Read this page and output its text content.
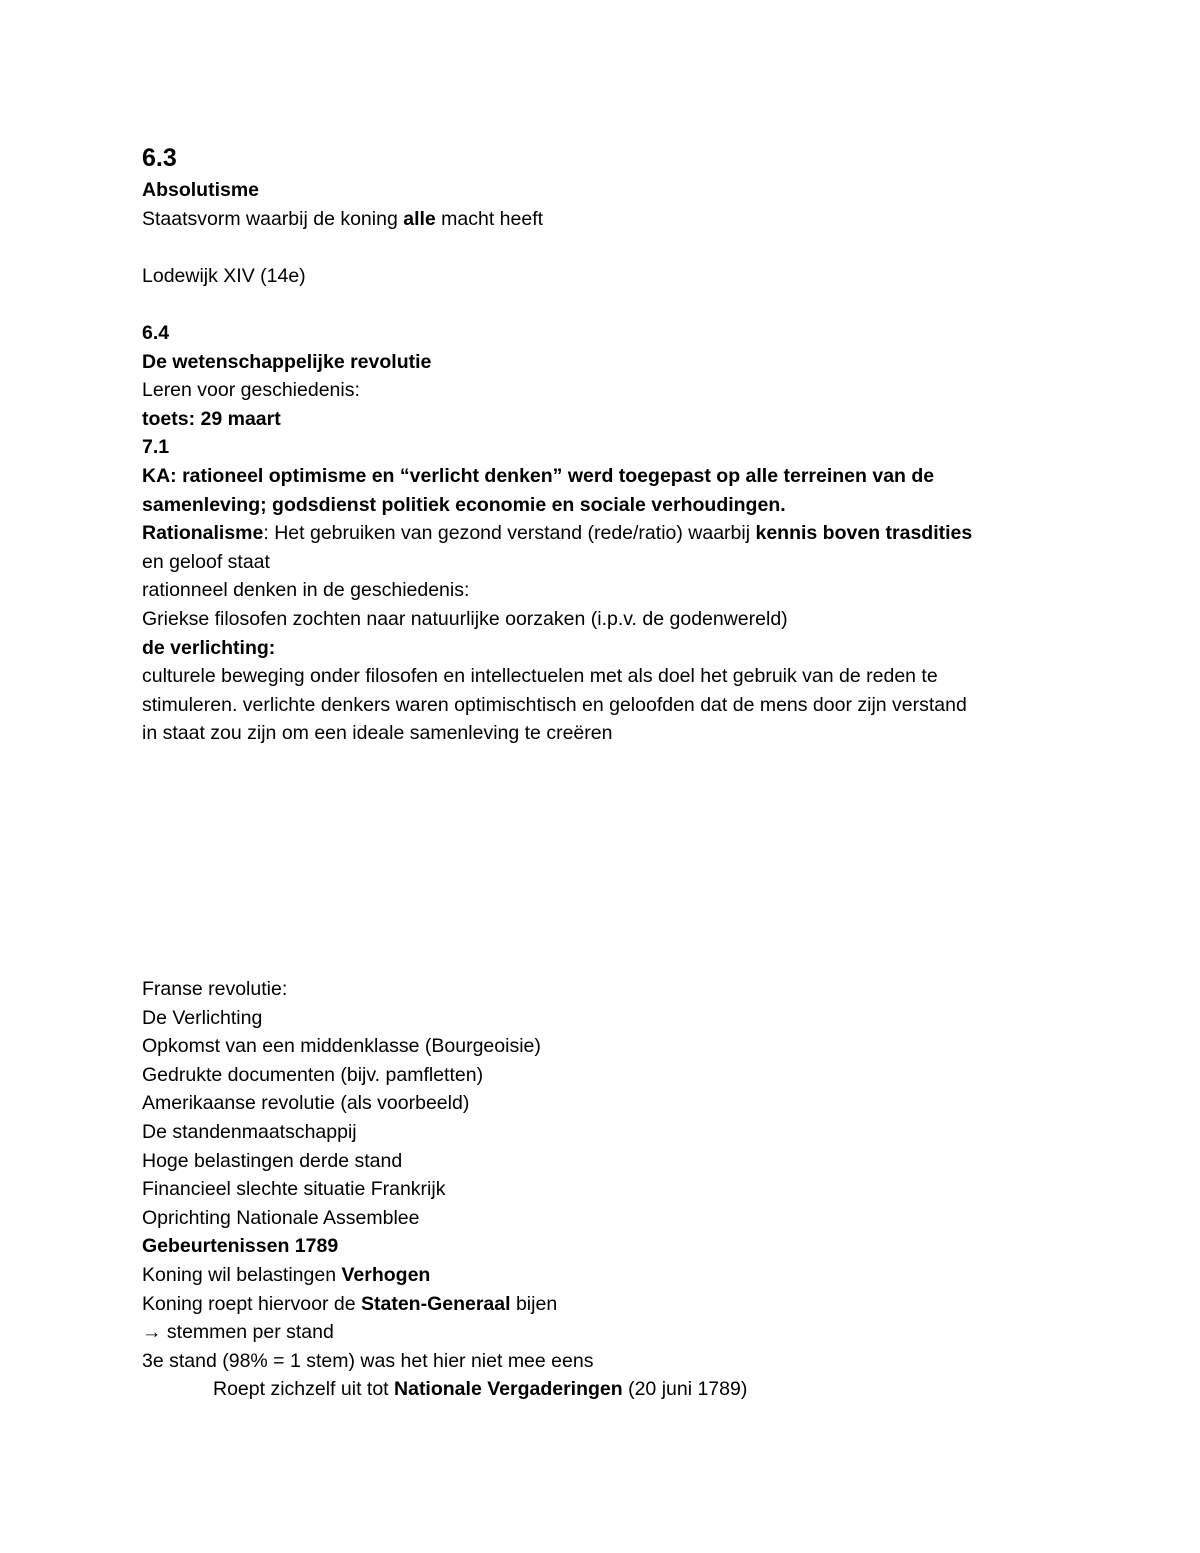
6.3
Absolutisme
Staatsvorm waarbij de koning alle macht heeft
Lodewijk XIV (14e)
6.4
De wetenschappelijke revolutie
Leren voor geschiedenis:
toets: 29 maart
7.1
KA: rationeel optimisme en “verlicht denken” werd toegepast op alle terreinen van de
samenleving; godsdienst politiek economie en sociale verhoudingen.
Rationalisme: Het gebruiken van gezond verstand (rede/ratio) waarbij kennis boven trasdities
en geloof staat
rationneel denken in de geschiedenis:
Griekse filosofen zochten naar natuurlijke oorzaken (i.p.v. de godenwereld)
de verlichting:
culturele beweging onder filosofen en intellectuelen met als doel het gebruik van de reden te
stimuleren. verlichte denkers waren optimischtisch en geloofden dat de mens door zijn verstand
in staat zou zijn om een ideale samenleving te creëren
Franse revolutie:
De Verlichting
Opkomst van een middenklasse (Bourgeoisie)
Gedrukte documenten (bijv. pamfletten)
Amerikaanse revolutie (als voorbeeld)
De standenmaatschappij
Hoge belastingen derde stand
Financieel slechte situatie Frankrijk
Oprichting Nationale Assemblee
Gebeurtenissen 1789
Koning wil belastingen Verhogen
Koning roept hiervoor de Staten-Generaal bijen
→ stemmen per stand
3e stand (98% = 1 stem) was het hier niet mee eens
Roept zichzelf uit tot Nationale Vergaderingen (20 juni 1789)
